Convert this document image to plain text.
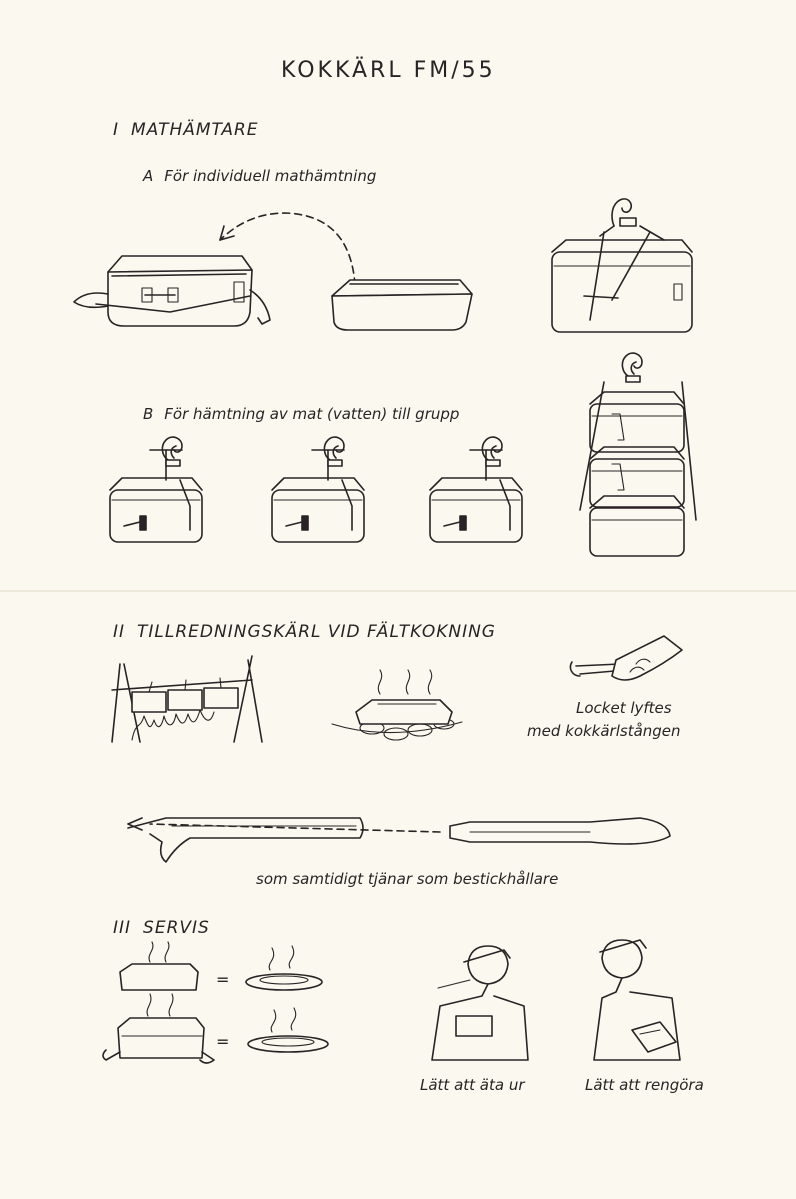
KOKKÄRL FM/55
I MATHÄMTARE
A För individuell mathämtning
B För hämtning av mat (vatten) till grupp
II TILLREDNINGSKÄRL VID FÄLTKOKNING
Locket lyftes
med kokkärlstången
som samtidigt tjänar som bestickhållare
III SERVIS
Lätt att äta ur	Lätt att rengöra
=
=
